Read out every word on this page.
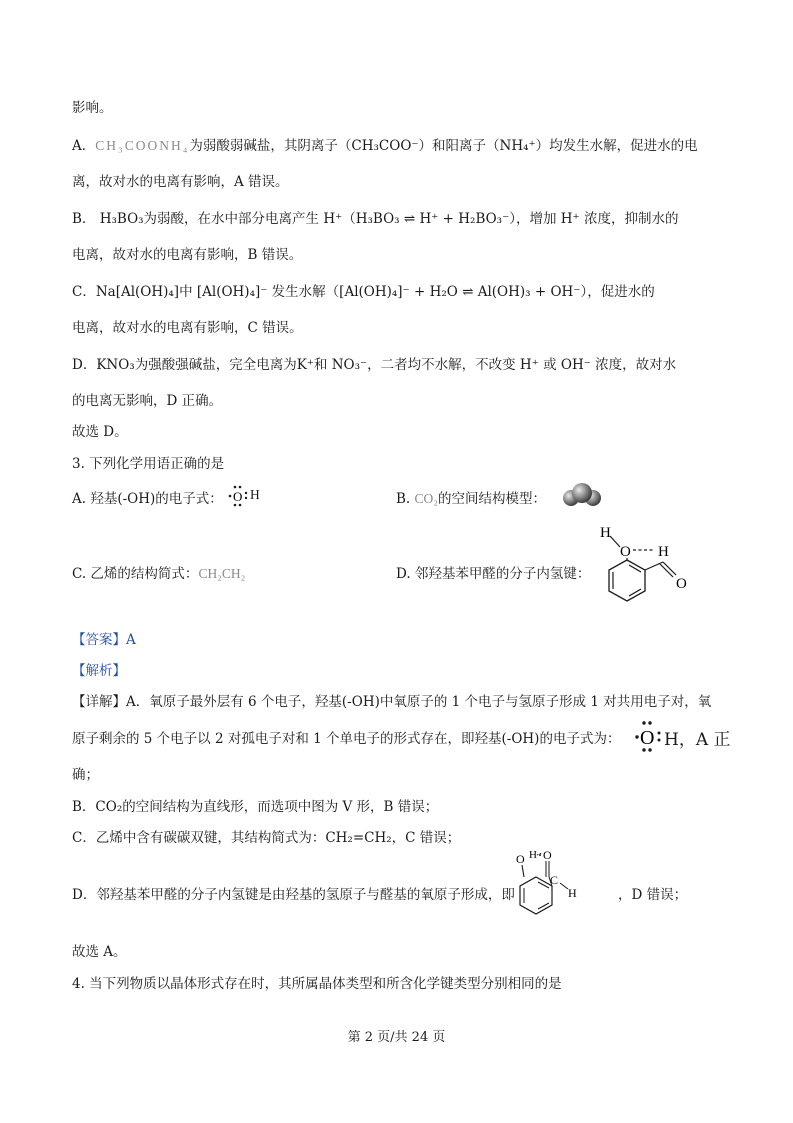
影响。
A．CH₃COONH₄为弱酸弱碱盐，其阴离子（CH₃COO⁻）和阳离子（NH₄⁺）均发生水解，促进水的电
离，故对水的电离有影响，A 错误。
B． H₃BO₃为弱酸，在水中部分电离产生 H⁺（H₃BO₃ ⇌ H⁺ + H₂BO₃⁻），增加 H⁺ 浓度，抑制水的
电离，故对水的电离有影响，B 错误。
C．Na[Al(OH)₄]中 [Al(OH)₄]⁻ 发生水解（[Al(OH)₄]⁻ + H₂O ⇌ Al(OH)₃ + OH⁻），促进水的
电离，故对水的电离有影响，C 错误。
D．KNO₃为强酸强碱盐，完全电离为K⁺和 NO₃⁻，二者均不水解，不改变 H⁺ 或 OH⁻ 浓度，故对水
的电离无影响，D 正确。
故选 D。
3. 下列化学用语正确的是
A. 羟基(-OH)的电子式： O H	B. CO₂的空间结构模型：
C. 乙烯的结构简式：CH₂CH₂	D. 邻羟基苯甲醛的分子内氢键：
H
O H
O
【答案】A
【解析】
【详解】A．氧原子最外层有 6 个电子，羟基(-OH)中氧原子的 1 个电子与氢原子形成 1 对共用电子对，氧
原子剩余的 5 个电子以 2 对孤电子对和 1 个单电子的形式存在，即羟基(-OH)的电子式为： O H，A 正
确；
B．CO₂的空间结构为直线形，而选项中图为 V 形，B 错误；
C．乙烯中含有碳碳双键，其结构简式为：CH₂=CH₂，C 错误；
D．邻羟基苯甲醛的分子内氢键是由羟基的氢原子与醛基的氧原子形成，即
O H O
C
H	，D 错误；
故选 A。
4. 当下列物质以晶体形式存在时，其所属晶体类型和所含化学键类型分别相同的是
第 2 页/共 24 页
